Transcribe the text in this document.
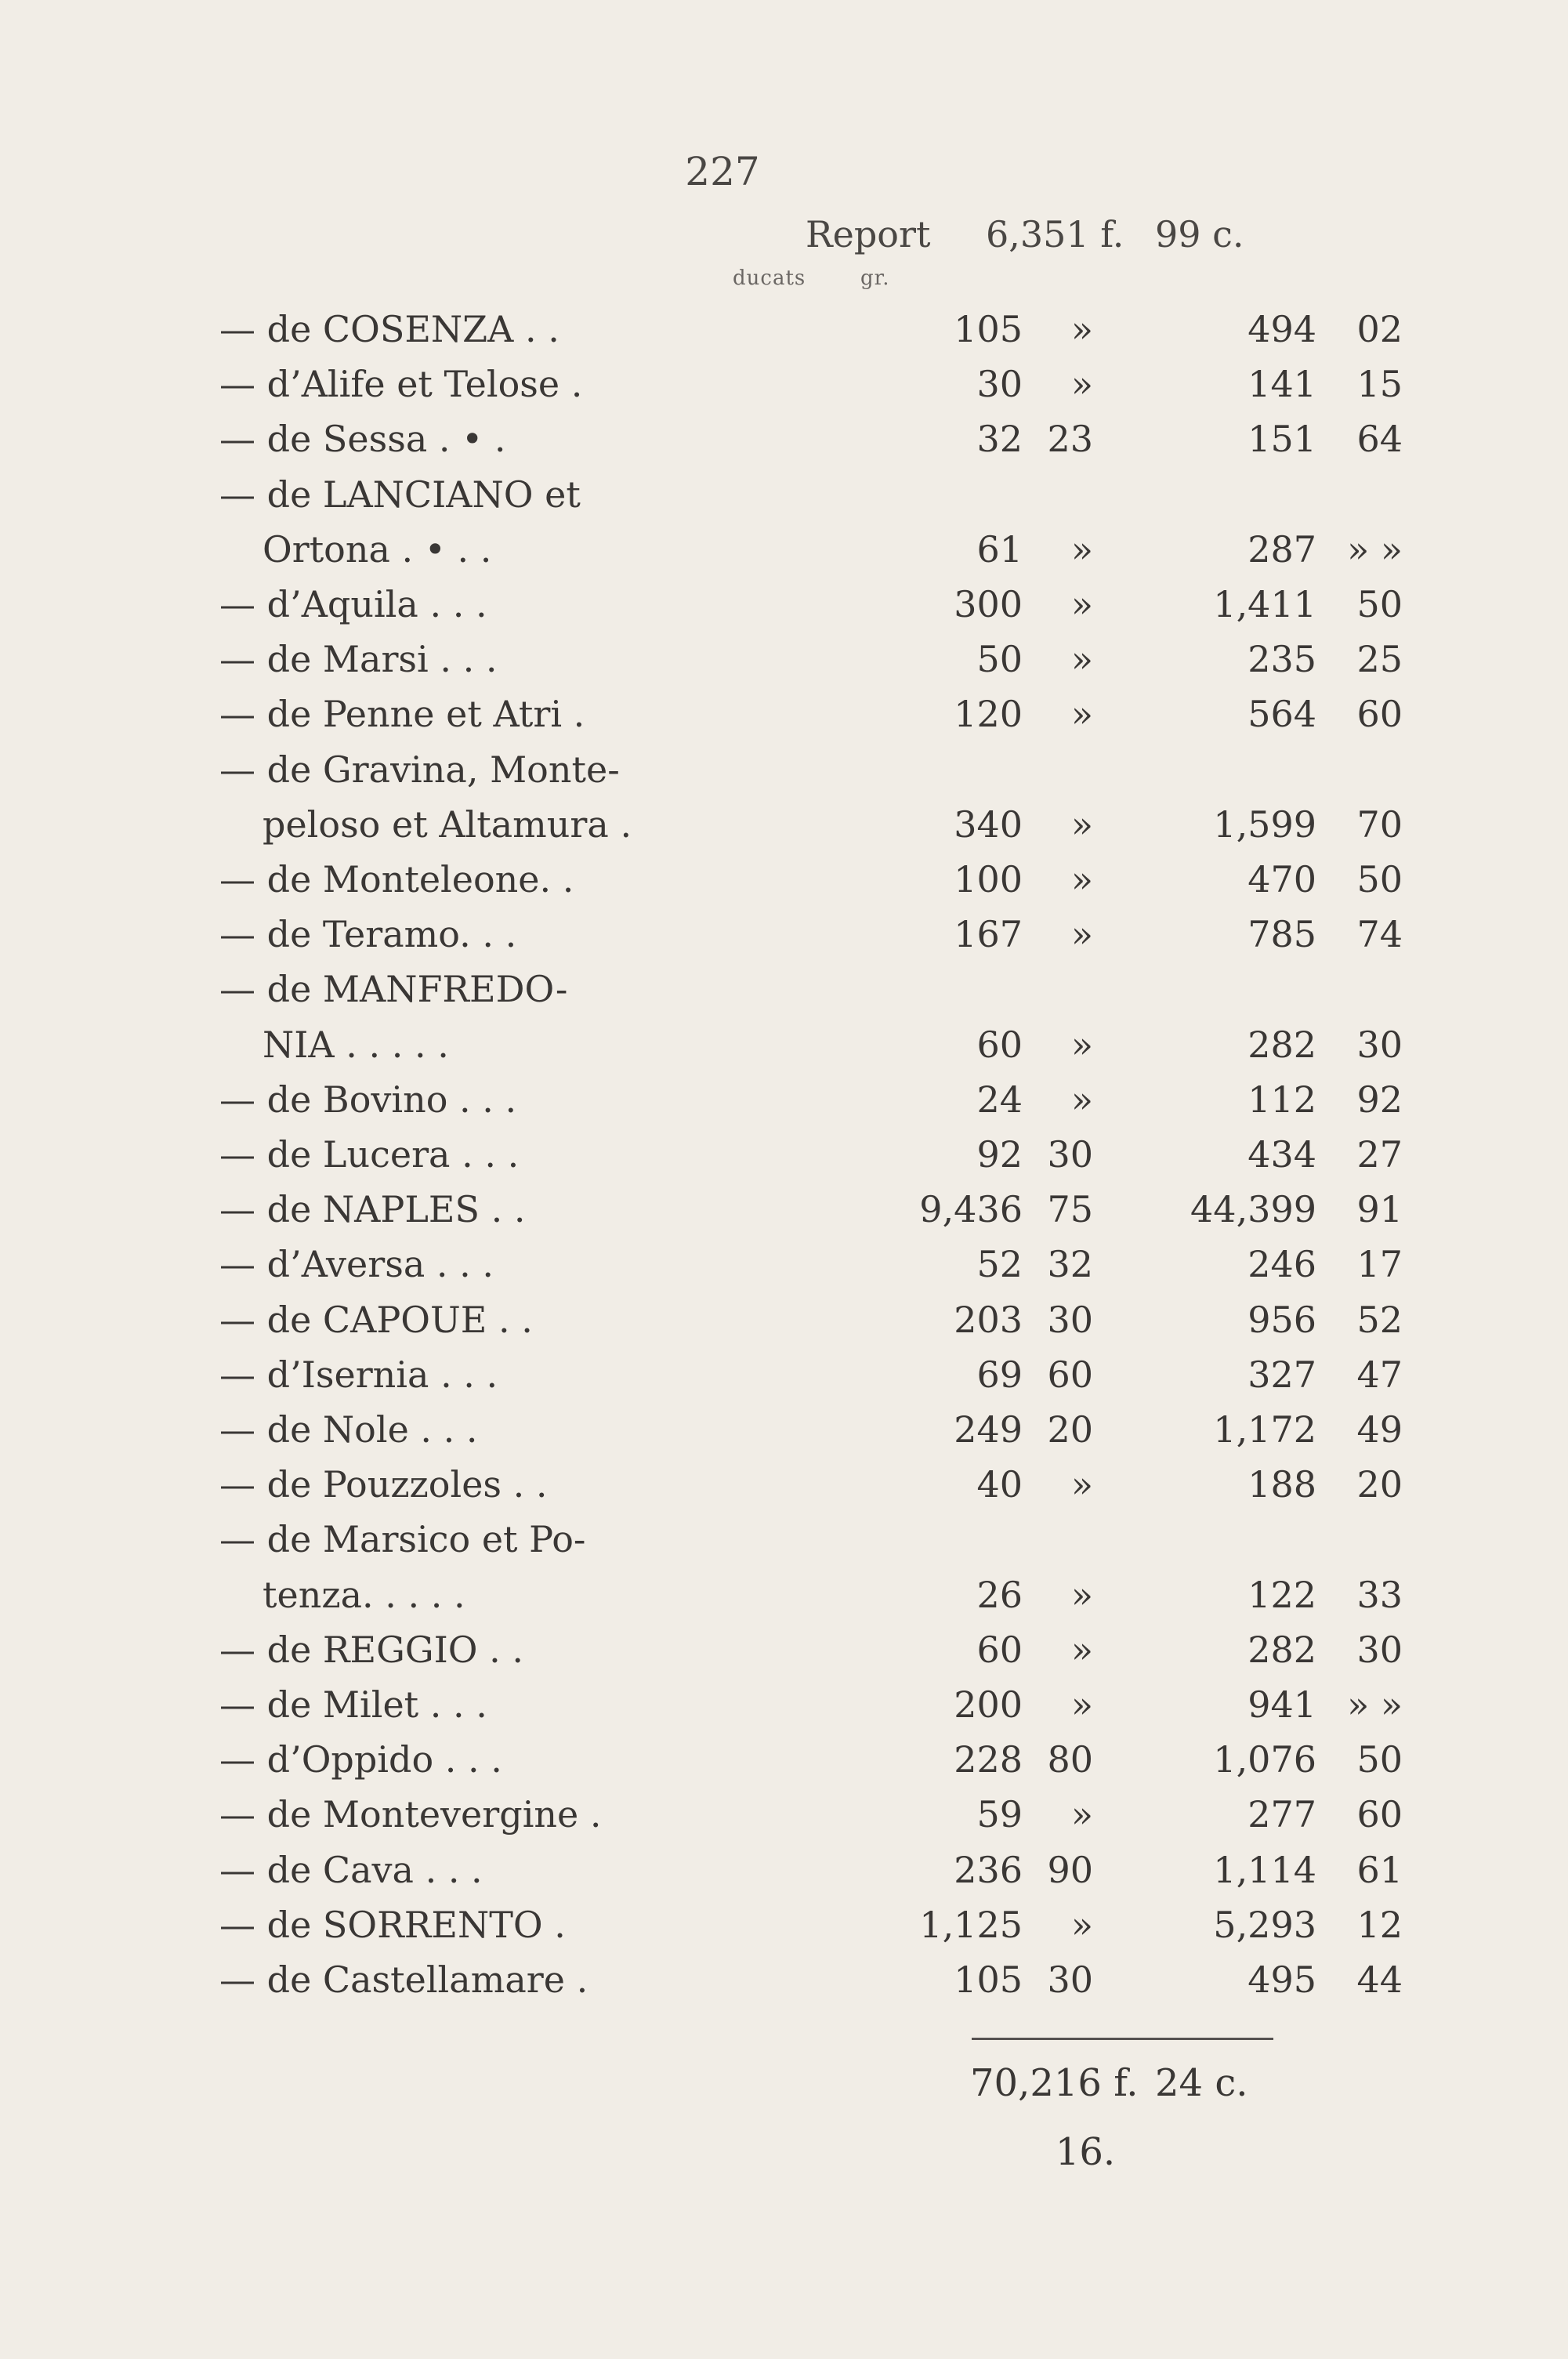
227
Report 6,351 f. 99 c.
ducats	gr.
— de COSENZA . .	105	»	494	02
— d’Alife et Telose .	30	»	141	15
— de Sessa . • .	32 23	151	64
— de LANCIANO et
Ortona . • . .	61	»	287 » »
— d’Aquila . . .	300	»	1,411	50
— de Marsi . . .	50	»	235	25
— de Penne et Atri .	120	»	564	60
— de Gravina, Monte-
peloso et Altamura .	340	»	1,599	70
— de Monteleone. .	100	»	470	50
— de Teramo. . .	167	»	785	74
— de MANFREDO-
NIA . . . . .	60	»	282	30
— de Bovino . . .	24	»	112	92
— de Lucera . . .	92 30	434	27
— de NAPLES . .	9,436 75	44,399	91
— d’Aversa . . .	52 32	246	17
— de CAPOUE . .	203 30	956	52
— d’Isernia . . .	69 60	327	47
— de Nole . . .	249 20	1,172	49
— de Pouzzoles . .	40	»	188	20
— de Marsico et Po-
tenza. . . . .	26	»	122	33
— de REGGIO . .	60	»	282	30
— de Milet . . .	200	»	941 » »
— d’Oppido . . .	228 80	1,076	50
— de Montevergine .	59	»	277	60
— de Cava . . .	236 90	1,114	61
— de SORRENTO .	1,125	»	5,293	12
— de Castellamare .	105 30	495	44
70,216 f. 24 c.
16.
